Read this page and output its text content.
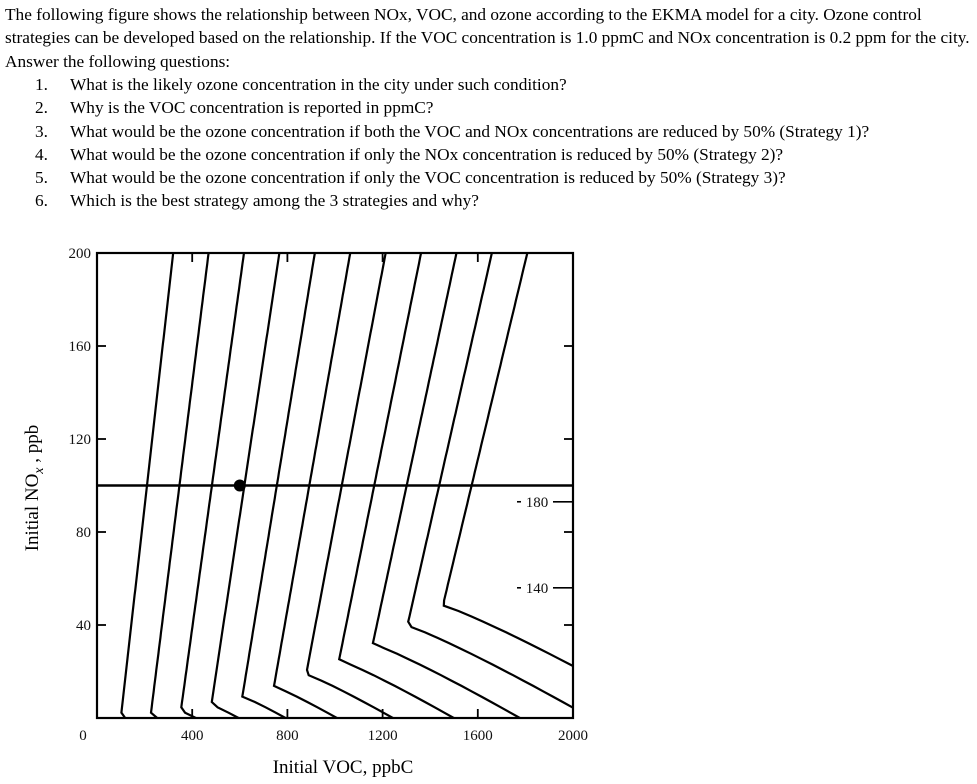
The following figure shows the relationship between NOx, VOC, and ozone according to the EKMA model for a city. Ozone control strategies can be developed based on the relationship. If the VOC concentration is 1.0 ppmC and NOx concentration is 0.2 ppm for the city. Answer the following questions:

1. What is the likely ozone concentration in the city under such condition?
2. Why is the VOC concentration is reported in ppmC?
3. What would be the ozone concentration if both the VOC and NOx concentrations are reduced by 50% (Strategy 1)?
4. What would be the ozone concentration if only the NOx concentration is reduced by 50% (Strategy 2)?
5. What would be the ozone concentration if only the VOC concentration is reduced by 50% (Strategy 3)?
6. Which is the best strategy among the 3 strategies and why?
0	400	800	1200	1600	2000
200
160
120
80
40
180
140
Initial VOC, ppbC
Initial $NO_x$ , ppb
